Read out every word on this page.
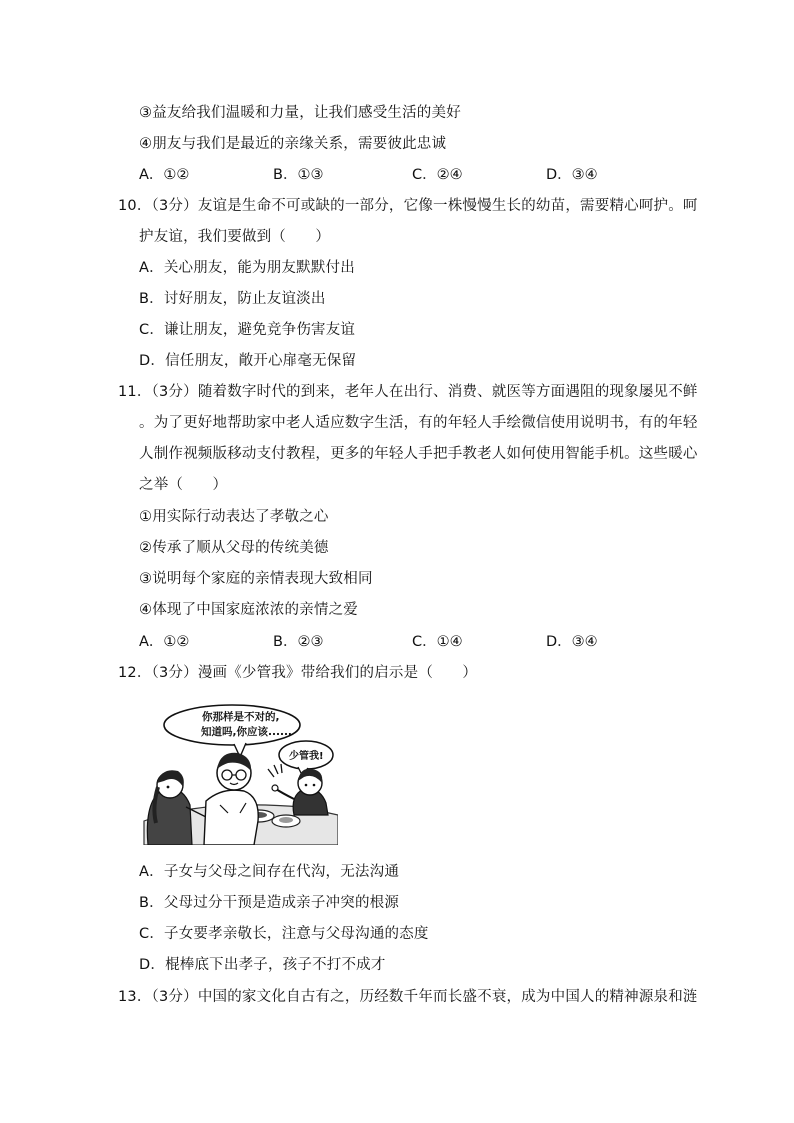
③益友给我们温暖和力量，让我们感受生活的美好
④朋友与我们是最近的亲缘关系，需要彼此忠诚
A．①②	B．①③	C．②④	D．③④
10．（3分）友谊是生命不可或缺的一部分，它像一株慢慢生长的幼苗，需要精心呵护。呵
护友谊，我们要做到（　　）
A．关心朋友，能为朋友默默付出
B．讨好朋友，防止友谊淡出
C．谦让朋友，避免竞争伤害友谊
D．信任朋友，敞开心扉毫无保留
11．（3分）随着数字时代的到来，老年人在出行、消费、就医等方面遇阻的现象屡见不鲜
。为了更好地帮助家中老人适应数字生活，有的年轻人手绘微信使用说明书，有的年轻
人制作视频版移动支付教程，更多的年轻人手把手教老人如何使用智能手机。这些暖心
之举（　　）
①用实际行动表达了孝敬之心
②传承了顺从父母的传统美德
③说明每个家庭的亲情表现大致相同
④体现了中国家庭浓浓的亲情之爱
A．①②	B．②③	C．①④	D．③④
12．（3分）漫画《少管我》带给我们的启示是（　　）
你那样是不对的,
知道吗,你应该......
少管我!
A．子女与父母之间存在代沟，无法沟通
B．父母过分干预是造成亲子冲突的根源
C．子女要孝亲敬长，注意与父母沟通的态度
D．棍棒底下出孝子，孩子不打不成才
13．（3分）中国的家文化自古有之，历经数千年而长盛不衰，成为中国人的精神源泉和涟
